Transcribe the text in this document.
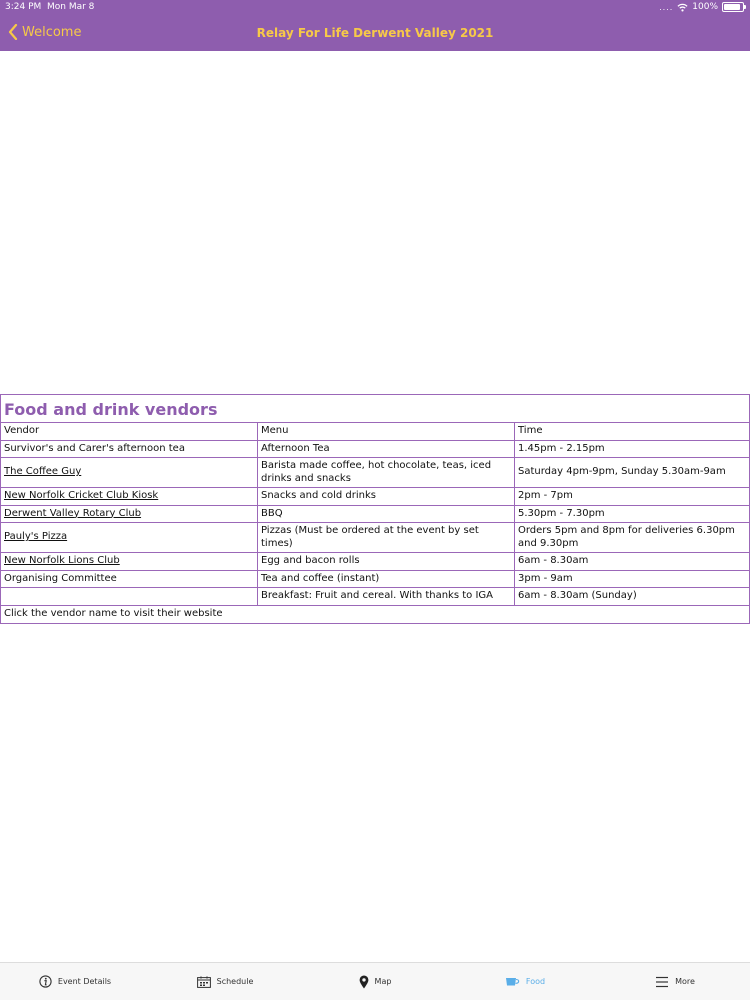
3:24 PM Mon Mar 8	.... 100%
Welcome	Relay For Life Derwent Valley 2021
Food and drink vendors
Vendor	Menu	Time
Survivor's and Carer's afternoon tea	Afternoon Tea	1.45pm - 2.15pm
The Coffee Guy	Barista made coffee, hot chocolate, teas, iced drinks and snacks	Saturday 4pm-9pm, Sunday 5.30am-9am
New Norfolk Cricket Club Kiosk	Snacks and cold drinks	2pm - 7pm
Derwent Valley Rotary Club	BBQ	5.30pm - 7.30pm
Pauly's Pizza	Pizzas (Must be ordered at the event by set times)	Orders 5pm and 8pm for deliveries 6.30pm and 9.30pm
New Norfolk Lions Club	Egg and bacon rolls	6am - 8.30am
Organising Committee	Tea and coffee (instant)	3pm - 9am
	Breakfast: Fruit and cereal. With thanks to IGA	6am - 8.30am (Sunday)
Click the vendor name to visit their website
Event Details	Schedule	Map	Food	More
